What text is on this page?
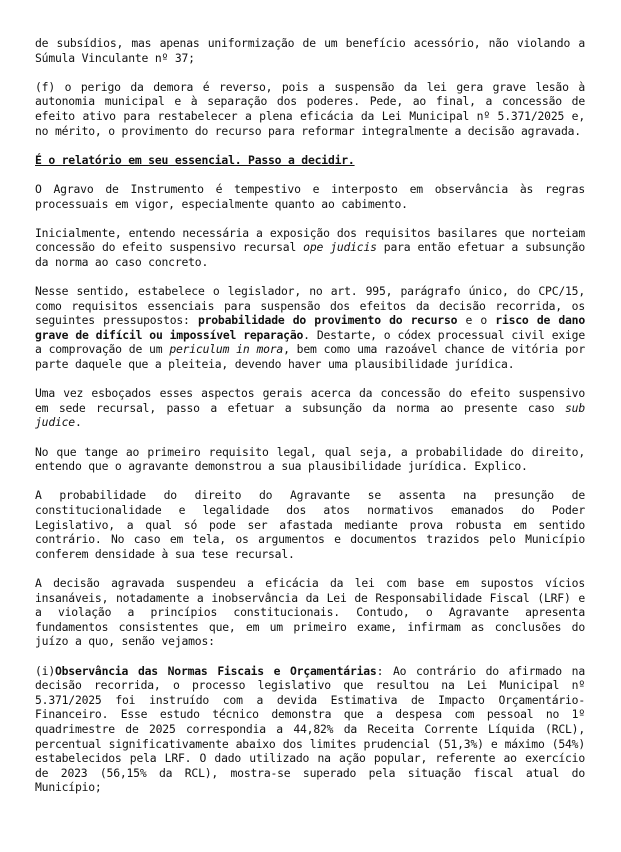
de subsídios, mas apenas uniformização de um benefício acessório, não violando a Súmula Vinculante nº 37;

(f) o perigo da demora é reverso, pois a suspensão da lei gera grave lesão à autonomia municipal e à separação dos poderes. Pede, ao final, a concessão de efeito ativo para restabelecer a plena eficácia da Lei Municipal nº 5.371/2025 e, no mérito, o provimento do recurso para reformar integralmente a decisão agravada.

É o relatório em seu essencial. Passo a decidir.

O Agravo de Instrumento é tempestivo e interposto em observância às regras processuais em vigor, especialmente quanto ao cabimento.

Inicialmente, entendo necessária a exposição dos requisitos basilares que norteiam concessão do efeito suspensivo recursal ope judicis para então efetuar a subsunção da norma ao caso concreto.

Nesse sentido, estabelece o legislador, no art. 995, parágrafo único, do CPC/15, como requisitos essenciais para suspensão dos efeitos da decisão recorrida, os seguintes pressupostos: probabilidade do provimento do recurso e o risco de dano grave de difícil ou impossível reparação. Destarte, o códex processual civil exige a comprovação de um periculum in mora, bem como uma razoável chance de vitória por parte daquele que a pleiteia, devendo haver uma plausibilidade jurídica.

Uma vez esboçados esses aspectos gerais acerca da concessão do efeito suspensivo em sede recursal, passo a efetuar a subsunção da norma ao presente caso sub judice.

No que tange ao primeiro requisito legal, qual seja, a probabilidade do direito, entendo que o agravante demonstrou a sua plausibilidade jurídica. Explico.

A probabilidade do direito do Agravante se assenta na presunção de constitucionalidade e legalidade dos atos normativos emanados do Poder Legislativo, a qual só pode ser afastada mediante prova robusta em sentido contrário. No caso em tela, os argumentos e documentos trazidos pelo Município conferem densidade à sua tese recursal.

A decisão agravada suspendeu a eficácia da lei com base em supostos vícios insanáveis, notadamente a inobservância da Lei de Responsabilidade Fiscal (LRF) e a violação a princípios constitucionais. Contudo, o Agravante apresenta fundamentos consistentes que, em um primeiro exame, infirmam as conclusões do juízo a quo, senão vejamos:

(i)Observância das Normas Fiscais e Orçamentárias: Ao contrário do afirmado na decisão recorrida, o processo legislativo que resultou na Lei Municipal nº 5.371/2025 foi instruído com a devida Estimativa de Impacto Orçamentário-Financeiro. Esse estudo técnico demonstra que a despesa com pessoal no 1º quadrimestre de 2025 correspondia a 44,82% da Receita Corrente Líquida (RCL), percentual significativamente abaixo dos limites prudencial (51,3%) e máximo (54%) estabelecidos pela LRF. O dado utilizado na ação popular, referente ao exercício de 2023 (56,15% da RCL), mostra-se superado pela situação fiscal atual do Município;
